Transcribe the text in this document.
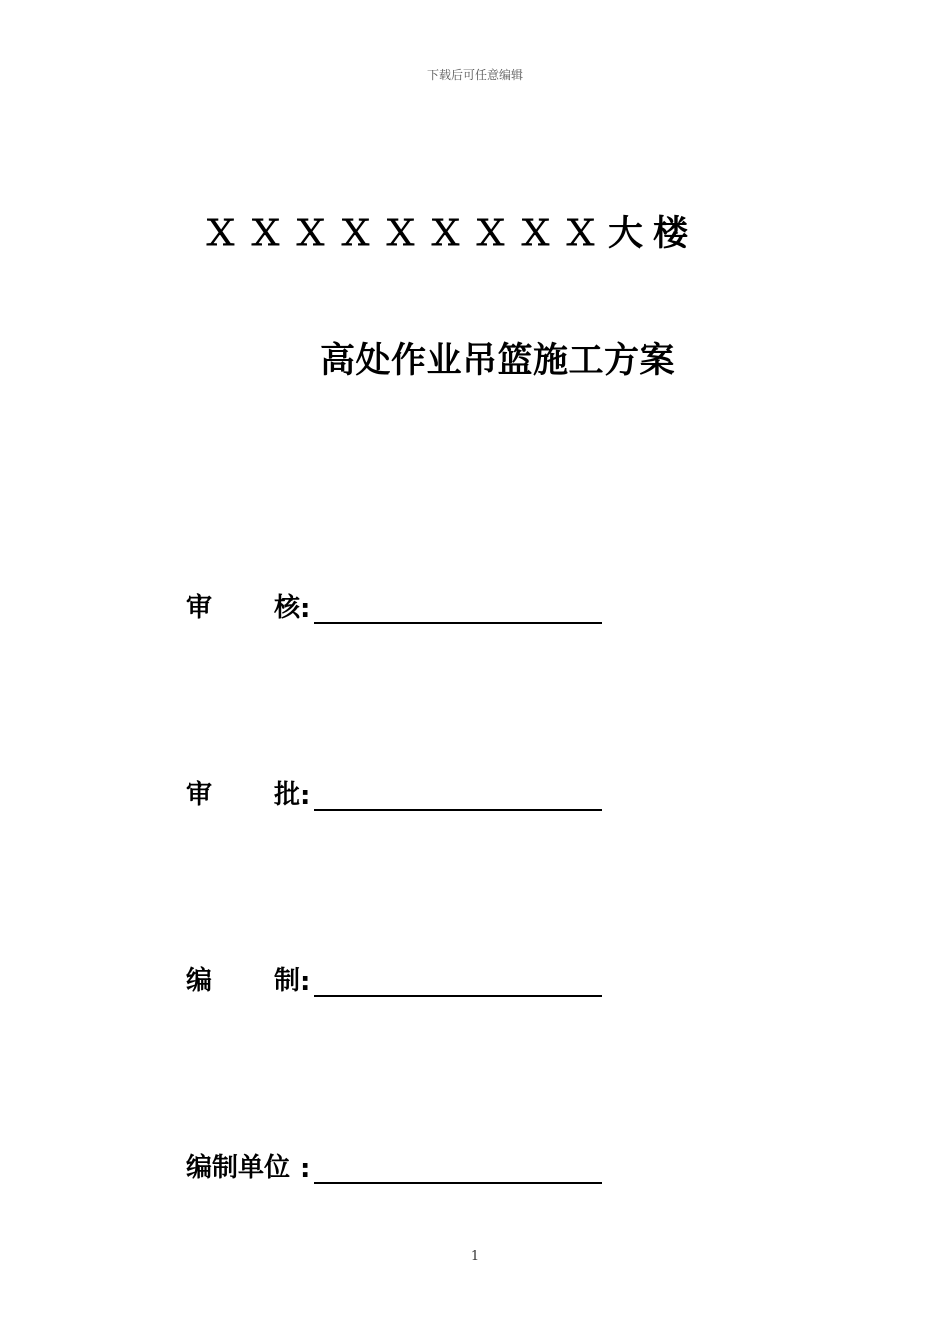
下载后可任意编辑
ＸＸＸＸＸＸＸＸＸ大楼
高处作业吊篮施工方案
审 核 :
审 批 :
编 制 :
编制单位 :
1
